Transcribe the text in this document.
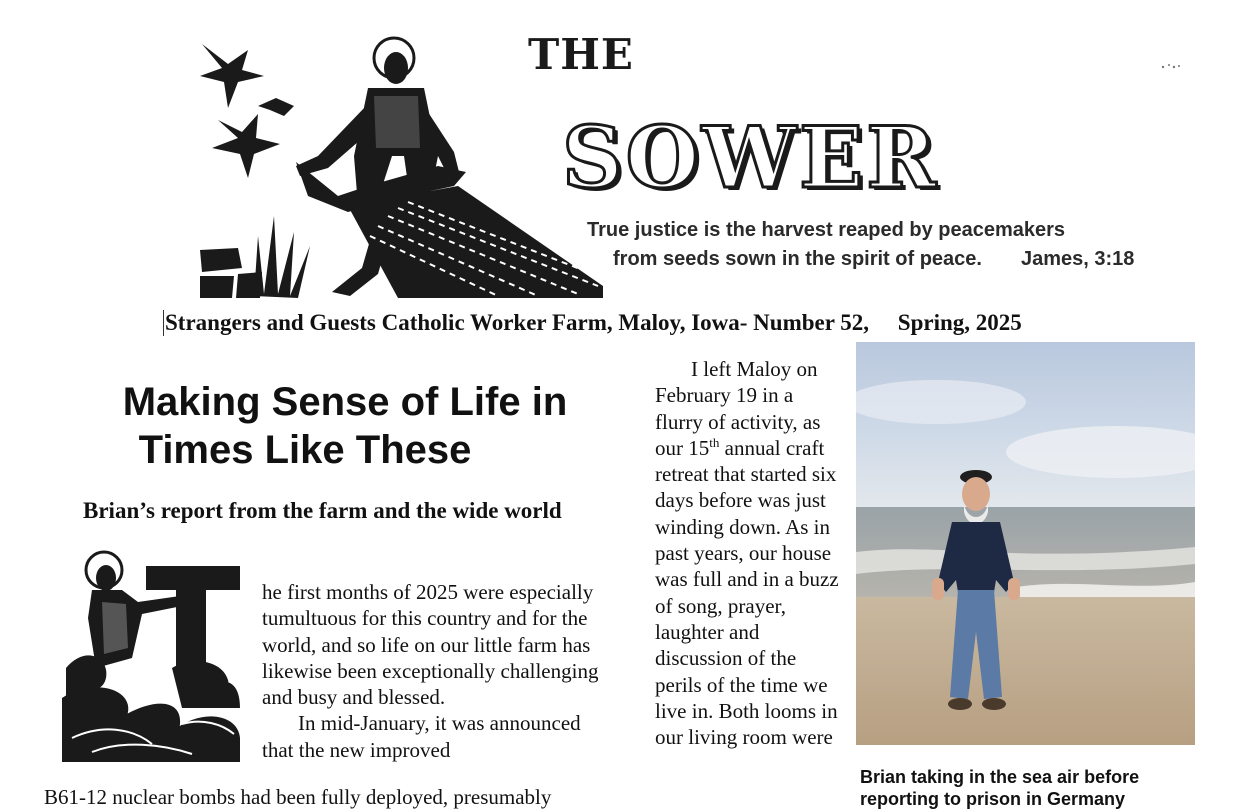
THE
SOWER
True justice is the harvest reaped by peacemakers
from seeds sown in the spirit of peace. James, 3:18
Strangers and Guests Catholic Worker Farm, Maloy, Iowa- Number 52,     Spring, 2025
Making Sense of Life in
Times Like These
Brian’s report from the farm and the wide world

he first months of 2025 were especially tumultuous for this country and for the world, and so life on our little farm has likewise been exceptionally challenging and busy and blessed.

In mid-January, it was announced that the new improved

B61-12 nuclear bombs had been fully deployed, presumably

I left Maloy on February 19 in a flurry of activity, as our 15th annual craft retreat that started six days before was just winding down. As in past years, our house was full and in a buzz of song, prayer, laughter and discussion of the perils of the time we live in. Both looms in our living room were

Brian taking in the sea air before reporting to prison in Germany
